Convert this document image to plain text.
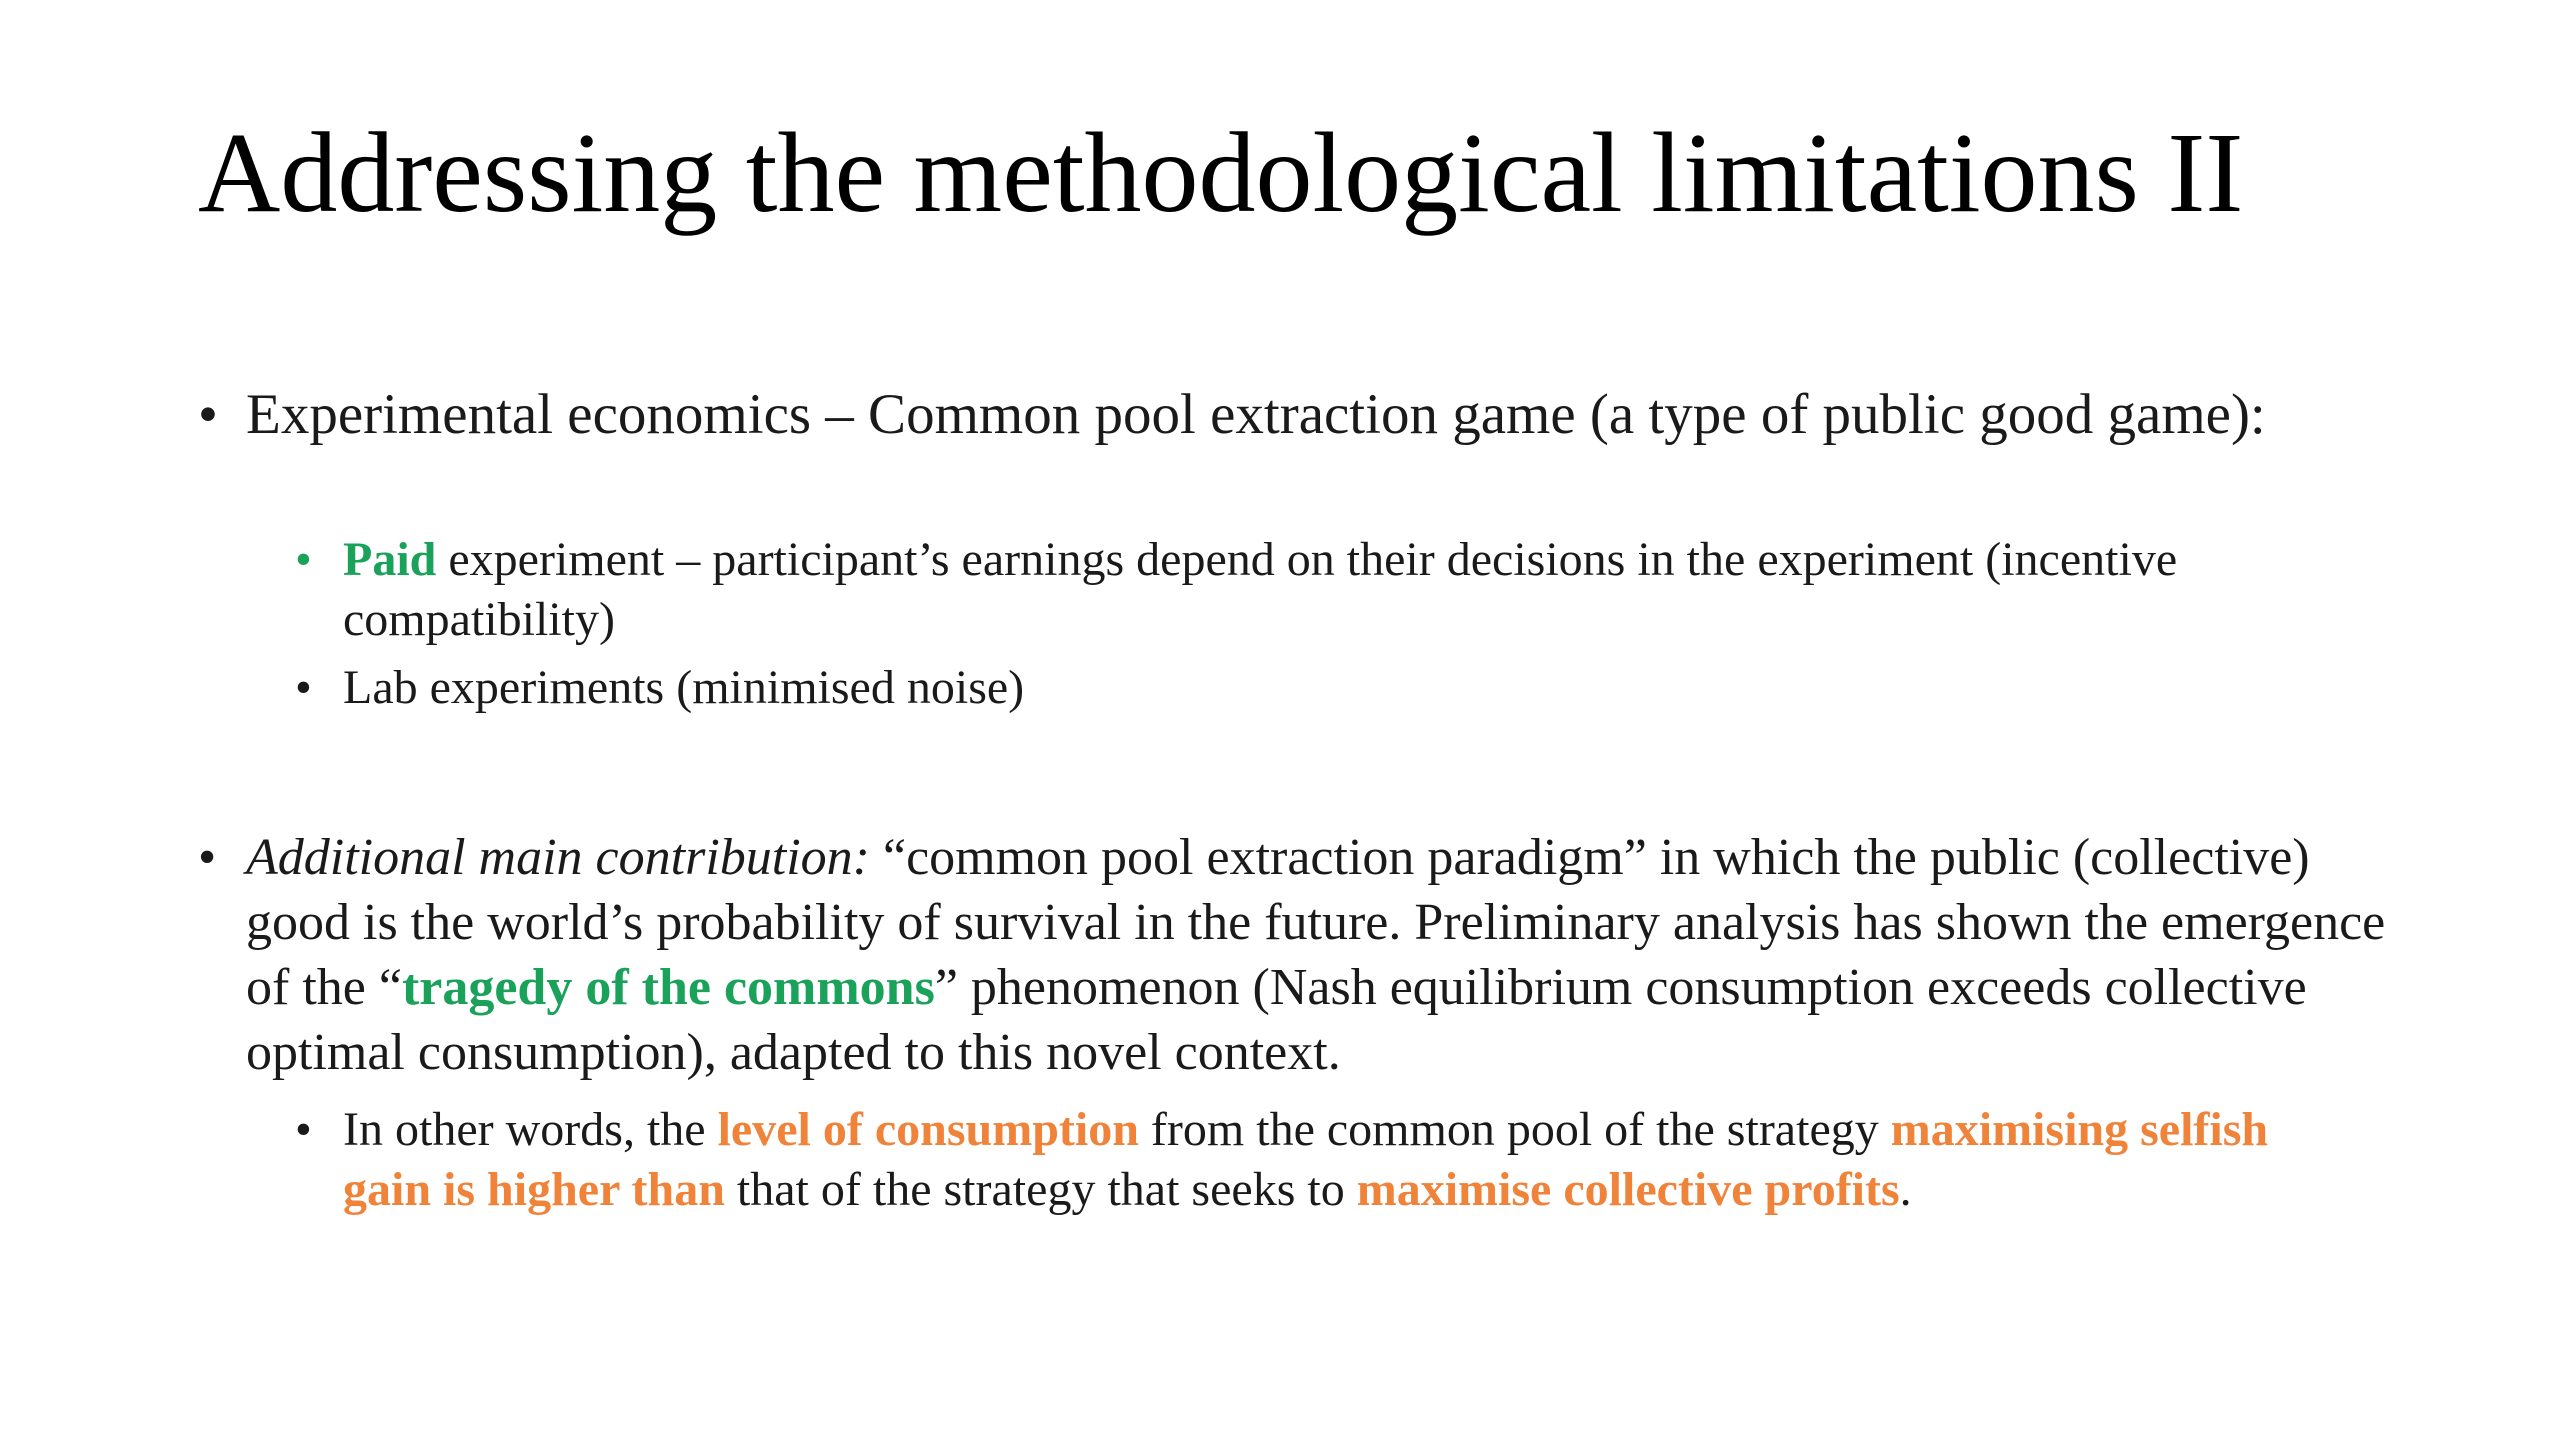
Addressing the methodological limitations II
• Experimental economics – Common pool extraction game (a type of public good game):
• Paid experiment – participant’s earnings depend on their decisions in the experiment (incentive compatibility)
• Lab experiments (minimised noise)
• Additional main contribution: “common pool extraction paradigm” in which the public (collective) good is the world’s probability of survival in the future. Preliminary analysis has shown the emergence of the “tragedy of the commons” phenomenon (Nash equilibrium consumption exceeds collective optimal consumption), adapted to this novel context.
• In other words, the level of consumption from the common pool of the strategy maximising selfish gain is higher than that of the strategy that seeks to maximise collective profits.
